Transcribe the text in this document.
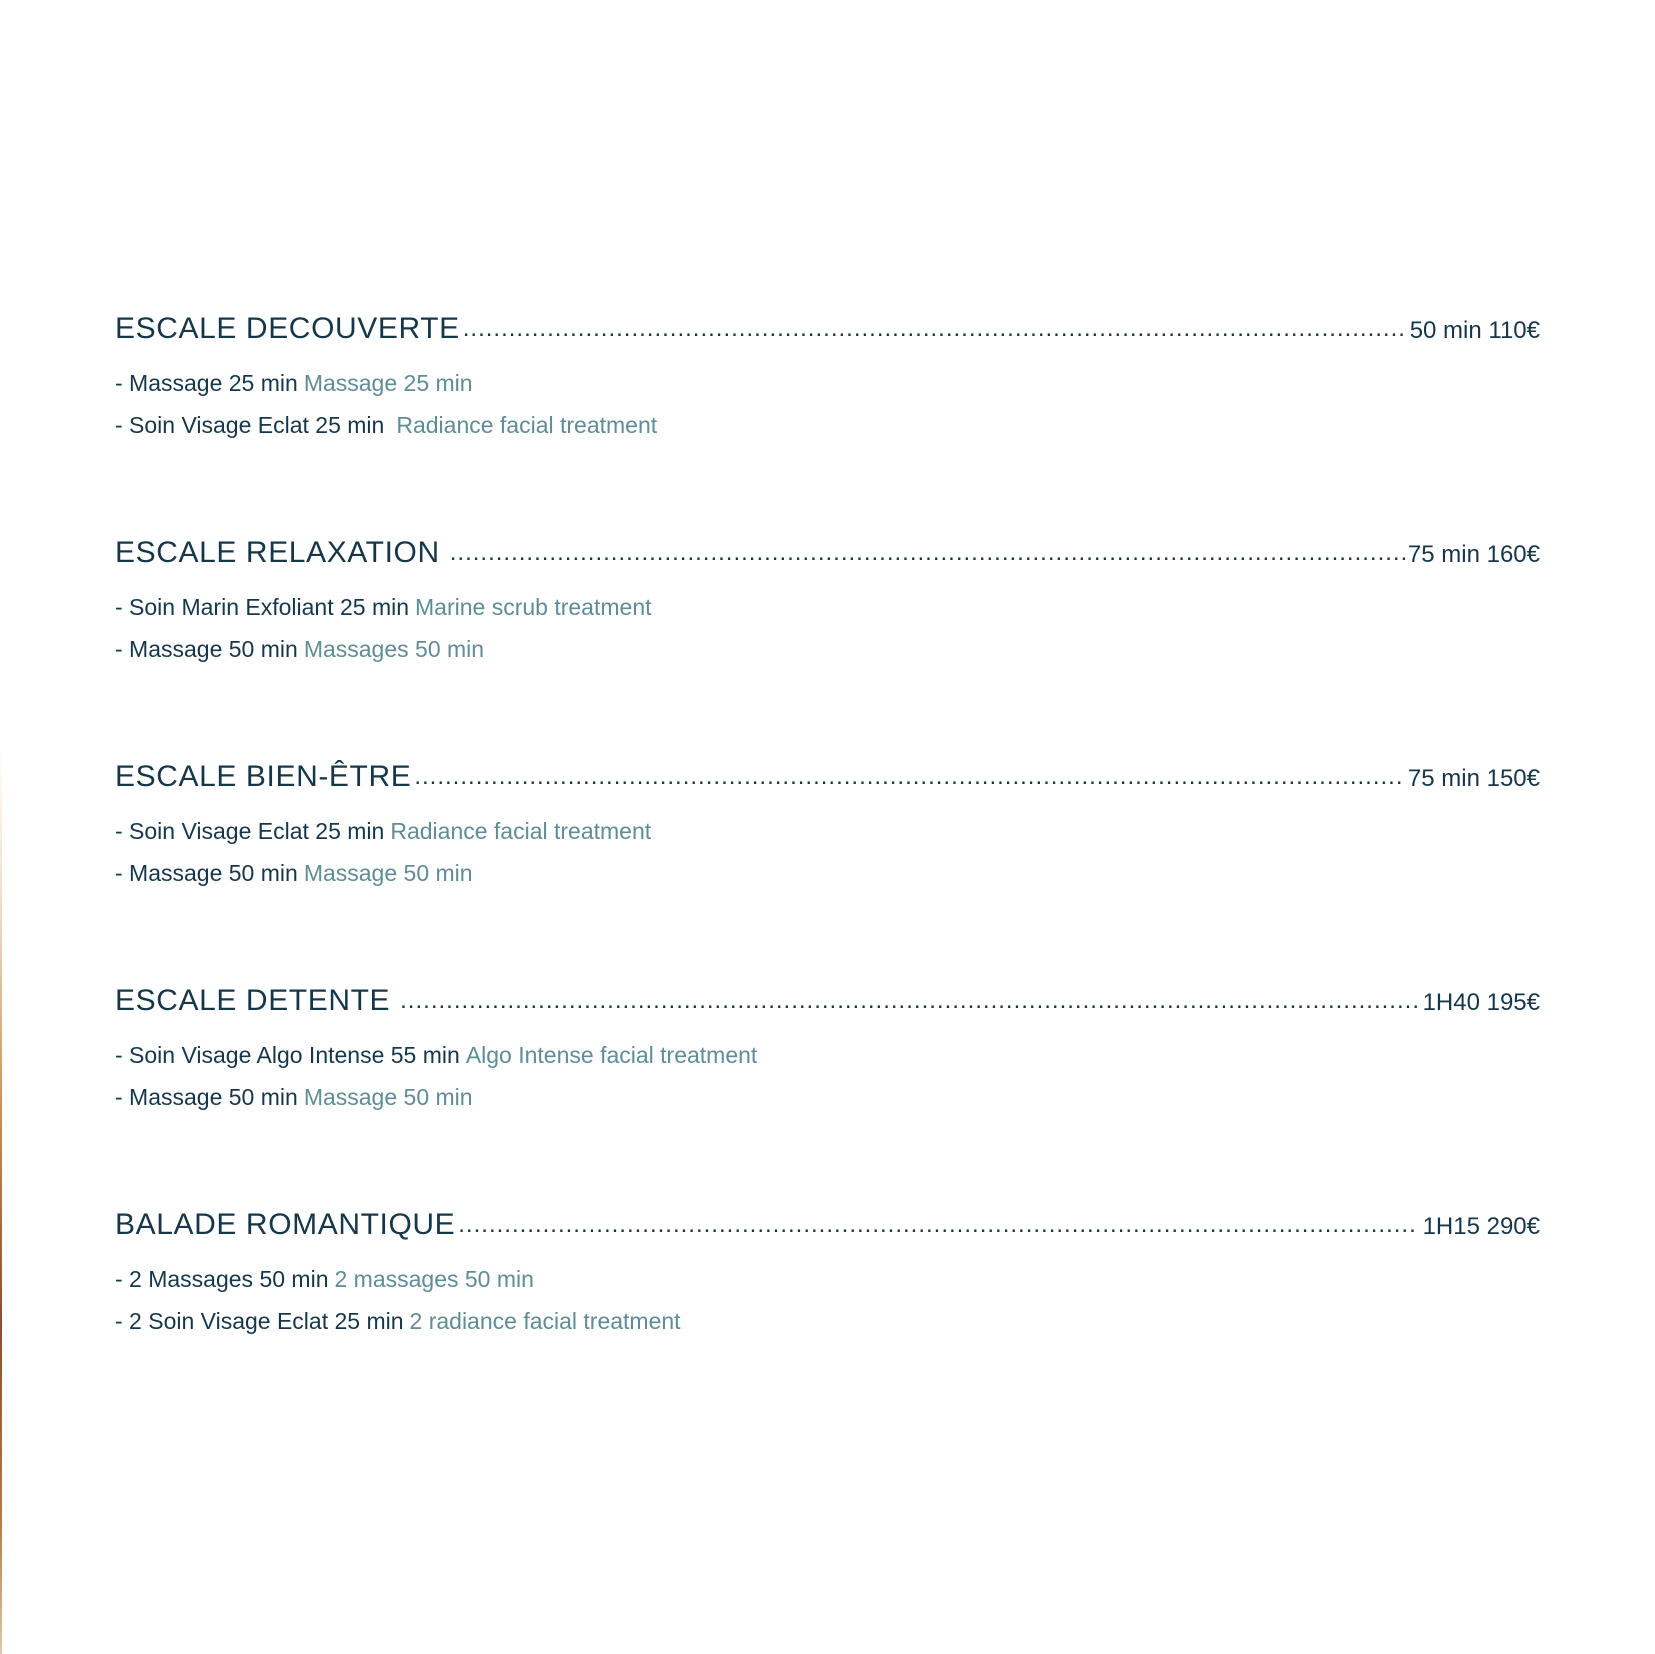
ESCALE DECOUVERTE .....	50 min 110€
- Massage 25 min Massage 25 min
- Soin Visage Eclat 25 min Radiance facial treatment
ESCALE RELAXATION .....	75 min 160€
- Soin Marin Exfoliant 25 min Marine scrub treatment
- Massage 50 min Massages 50 min
ESCALE BIEN-ÊTRE .....	75 min 150€
- Soin Visage Eclat 25 min Radiance facial treatment
- Massage 50 min Massage 50 min
ESCALE DETENTE .....	1H40 195€
- Soin Visage Algo Intense 55 min Algo Intense facial treatment
- Massage 50 min Massage 50 min
BALADE ROMANTIQUE .....	1H15 290€
- 2 Massages 50 min 2 massages 50 min
- 2 Soin Visage Eclat 25 min 2 radiance facial treatment
